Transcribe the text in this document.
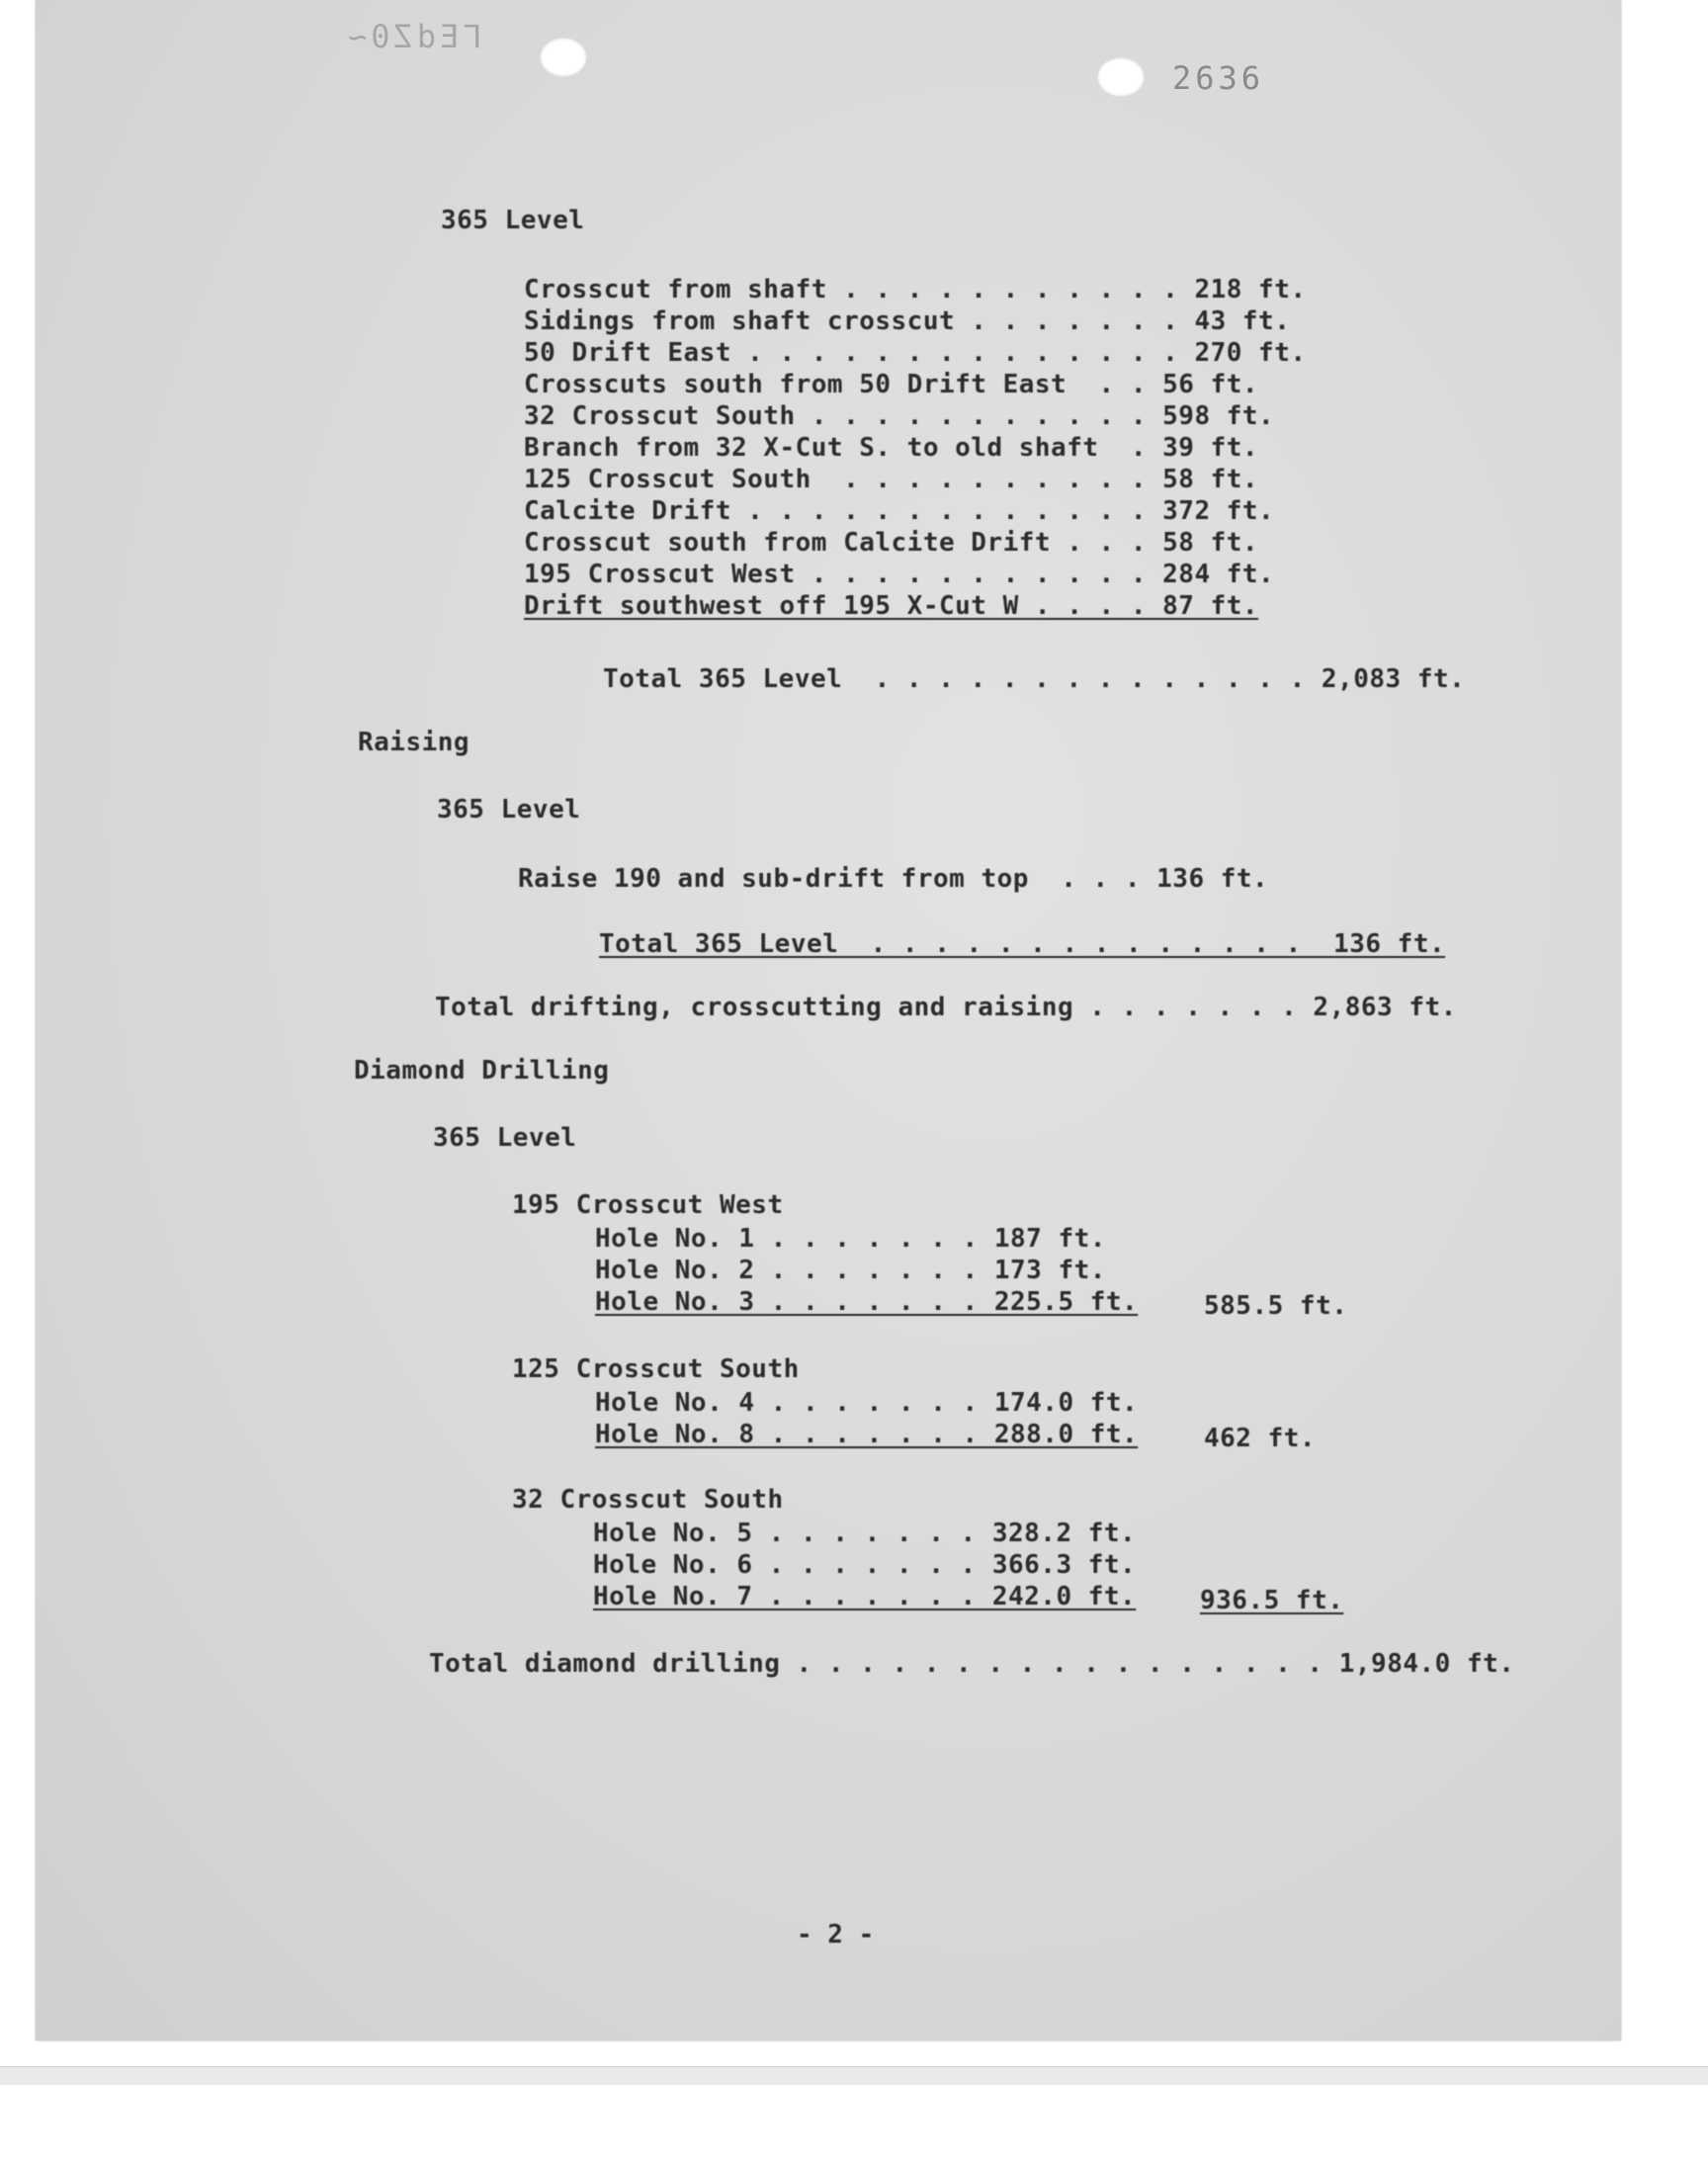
ΓΕdZ0~
2636
365 Level
Crosscut from shaft . . . . . . . . . . . 218 ft.
Sidings from shaft crosscut . . . . . . . 43 ft.
50 Drift East . . . . . . . . . . . . . . 270 ft.
Crosscuts south from 50 Drift East  . . 56 ft.
32 Crosscut South . . . . . . . . . . . 598 ft.
Branch from 32 X-Cut S. to old shaft  . 39 ft.
125 Crosscut South  . . . . . . . . . . 58 ft.
Calcite Drift . . . . . . . . . . . . . 372 ft.
Crosscut south from Calcite Drift . . . 58 ft.
195 Crosscut West . . . . . . . . . . . 284 ft.
Drift southwest off 195 X-Cut W . . . . 87 ft.
Total 365 Level  . . . . . . . . . . . . . . 2,083 ft.
Raising
365 Level
Raise 190 and sub-drift from top  . . . 136 ft.
Total 365 Level  . . . . . . . . . . . . . .  136 ft.
Total drifting, crosscutting and raising . . . . . . . 2,863 ft.
Diamond Drilling
365 Level
195 Crosscut West
Hole No. 1 . . . . . . . 187 ft.
Hole No. 2 . . . . . . . 173 ft.
Hole No. 3 . . . . . . . 225.5 ft.	585.5 ft.
125 Crosscut South
Hole No. 4 . . . . . . . 174.0 ft.
Hole No. 8 . . . . . . . 288.0 ft.	462 ft.
32 Crosscut South
Hole No. 5 . . . . . . . 328.2 ft.
Hole No. 6 . . . . . . . 366.3 ft.
Hole No. 7 . . . . . . . 242.0 ft. 936.5 ft.
Total diamond drilling . . . . . . . . . . . . . . . . . 1,984.0 ft.
- 2 -
